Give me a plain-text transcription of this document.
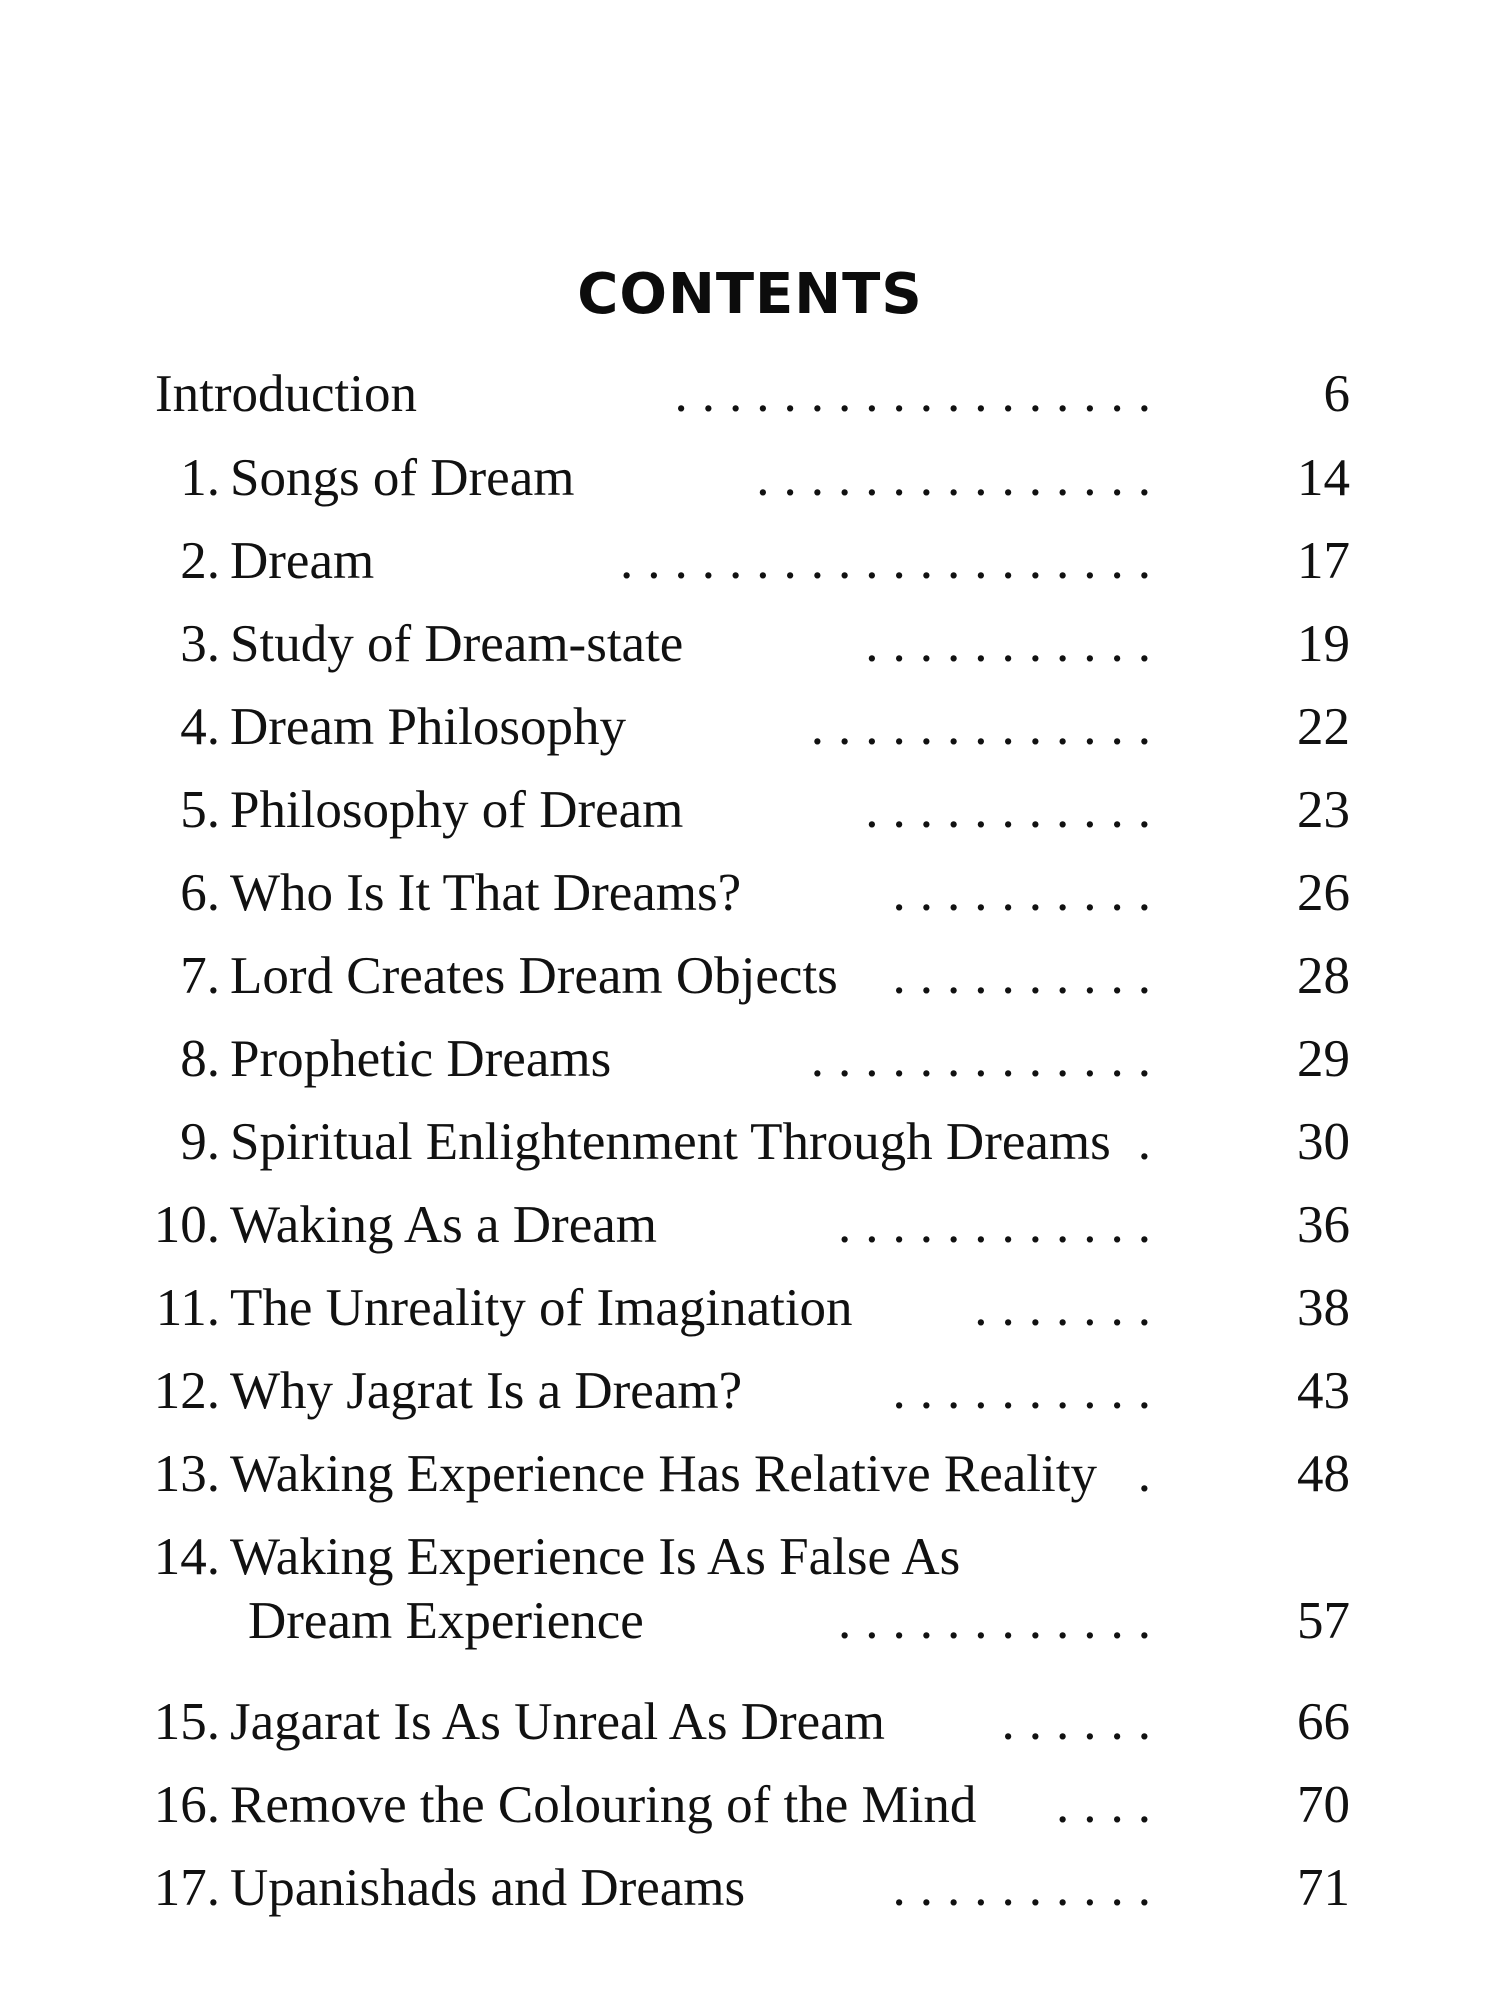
CONTENTS
Introduction	..................	6
1. Songs of Dream	............... 14
2. Dream	.................... 17
3. Study of Dream-state	........... 19
4. Dream Philosophy	............. 22
5. Philosophy of Dream	........... 23
6. Who Is It That Dreams?	.......... 26
7. Lord Creates Dream Objects .......... 28
8. Prophetic Dreams	............. 29
9. Spiritual Enlightenment Through Dreams . 30
10. Waking As a Dream	............ 36
11. The Unreality of Imagination ....... 38
12. Why Jagrat Is a Dream?	.......... 43
13. Waking Experience Has Relative Reality . 48
14. Waking Experience Is As False As
Dream Experience	............ 57
15. Jagarat Is As Unreal As Dream ...... 66
16. Remove the Colouring of the Mind .... 70
17. Upanishads and Dreams	.......... 71
